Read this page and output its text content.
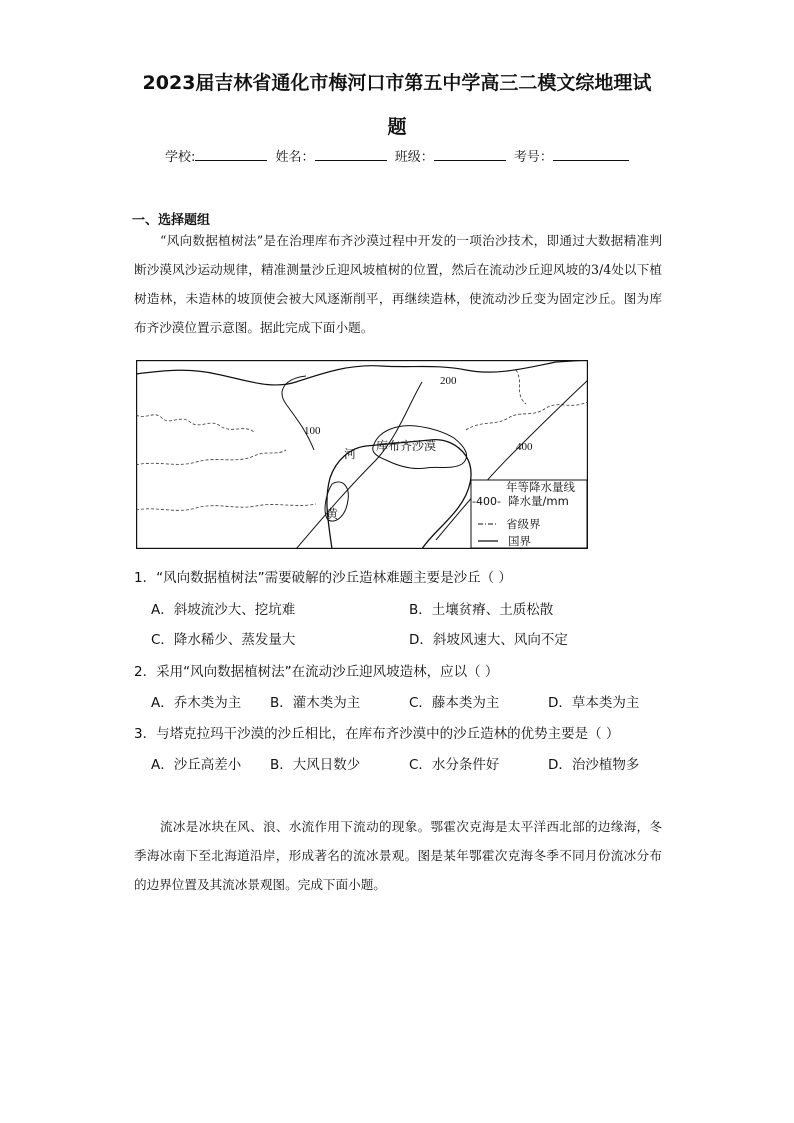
2023届吉林省通化市梅河口市第五中学高三二模文综地理试
题
学校:	姓名：	班级：	考号：
一、选择题组
“风向数据植树法”是在治理库布齐沙漠过程中开发的一项治沙技术，即通过大数据精准判断沙漠风沙运动规律，精准测量沙丘迎风坡植树的位置，然后在流动沙丘迎风坡的3/4处以下植树造林，未造林的坡顶使会被大风逐渐削平，再继续造林，使流动沙丘变为固定沙丘。图为库布齐沙漠位置示意图。据此完成下面小题。
100
200
400
河
库布齐沙漠
黄
年等降水量线
-400- 降水量/mm
省级界
国界
1．“风向数据植树法”需要破解的沙丘造林难题主要是沙丘（ ）
A．斜坡流沙大、挖坑难	B．土壤贫瘠、土质松散
C．降水稀少、蒸发量大	D．斜坡风速大、风向不定
2．采用“风向数据植树法”在流动沙丘迎风坡造林，应以（ ）
A．乔木类为主 B．灌木类为主	C．藤本类为主	D．草本类为主
3．与塔克拉玛干沙漠的沙丘相比，在库布齐沙漠中的沙丘造林的优势主要是（ ）
A．沙丘高差小 B．大风日数少	C．水分条件好	D．治沙植物多
流冰是冰块在风、浪、水流作用下流动的现象。鄂霍次克海是太平洋西北部的边缘海，冬季海冰南下至北海道沿岸，形成著名的流冰景观。图是某年鄂霍次克海冬季不同月份流冰分布的边界位置及其流冰景观图。完成下面小题。
